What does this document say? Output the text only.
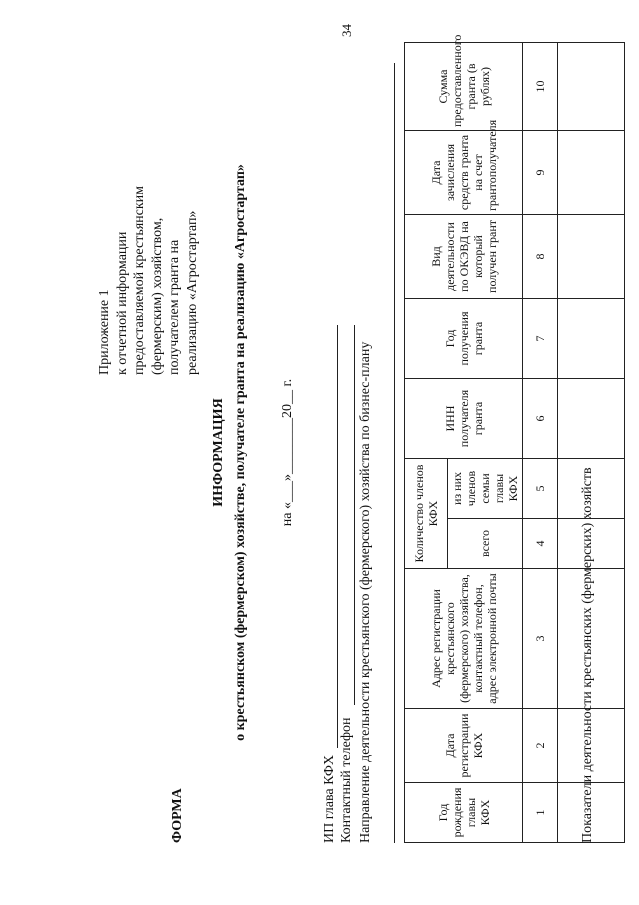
34
Приложение 1 к отчетной информации предоставляемой крестьянским (фермерским) хозяйством, получателем гранта на реализацию «Агростартап»
ФОРМА
ИНФОРМАЦИЯ о крестьянском (фермерском) хозяйстве, получателе гранта на реализацию «Агростартап» на «___»________20__ г.
ИП глава КФХ Контактный телефон Направление деятельности крестьянского (фермерского) хозяйства по бизнес-плану	Год рождения главы КФХ	Дата регистрации КФХ	Адрес регистрации крестьянского (фермерского) хозяйства, контактный телефон, адрес электронной почты	Количество членов КФХ		ИНН получателя гранта	Год получения гранта	Вид деятельности по ОКЭВД на который получен грант	Дата зачисления средств гранта на счет грантополучателя	Сумма предоставленного гранта (в рублях)
			всего	из них членов семьи главы КФХ					
1	2	3	4	5	6	7	8	9	10

Показатели деятельности крестьянских (фермерских) хозяйств
